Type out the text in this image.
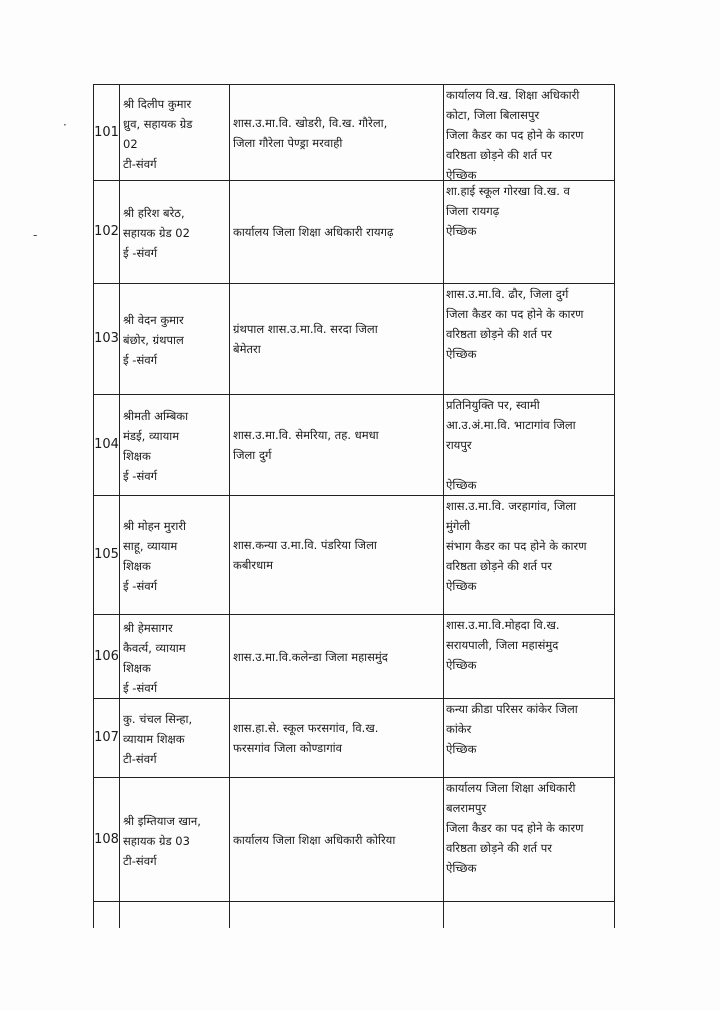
·
-
101
श्री दिलीप कुमार
ध्रुव, सहायक ग्रेड
02
टी-संवर्ग
शास.उ.मा.वि. खोडरी, वि.ख. गौरेला,
जिला गौरेला पेण्ड्रा मरवाही
कार्यालय वि.ख. शिक्षा अधिकारी
कोटा, जिला बिलासपुर
जिला कैडर का पद होने के कारण
वरिष्ठता छोड़ने की शर्त पर
ऐच्छिक
102
श्री हरिश बरेठ,
सहायक ग्रेड 02
ई -संवर्ग
कार्यालय जिला शिक्षा अधिकारी रायगढ़
शा.हाई स्कूल गोरखा वि.ख. व
जिला रायगढ़
ऐच्छिक
103
श्री वेदन कुमार
बंछोर, ग्रंथपाल
ई -संवर्ग
ग्रंथपाल शास.उ.मा.वि. सरदा जिला
बेमेतरा
शास.उ.मा.वि. ढौर, जिला दुर्ग
जिला कैडर का पद होने के कारण
वरिष्ठता छोड़ने की शर्त पर
ऐच्छिक
104
श्रीमती अम्बिका
मंडई, व्यायाम
शिक्षक
ई -संवर्ग
शास.उ.मा.वि. सेमरिया, तह. धमधा
जिला दुर्ग
प्रतिनियुक्ति पर, स्वामी
आ.उ.अं.मा.वि. भाटागांव जिला
रायपुर

ऐच्छिक
105
श्री मोहन मुरारी
साहू, व्यायाम
शिक्षक
ई -संवर्ग
शास.कन्या उ.मा.वि. पंडरिया जिला
कबीरधाम
शास.उ.मा.वि. जरहागांव, जिला
मुंगेली
संभाग कैडर का पद होने के कारण
वरिष्ठता छोड़ने की शर्त पर
ऐच्छिक
106
श्री हेमसागर
कैवर्त्य, व्यायाम
शिक्षक
ई -संवर्ग
शास.उ.मा.वि.कलेन्डा जिला महासमुंद
शास.उ.मा.वि.मोहदा वि.ख.
सरायपाली, जिला महासंमुद
ऐच्छिक
107
कु. चंचल सिन्हा,
व्यायाम शिक्षक
टी-संवर्ग
शास.हा.से. स्कूल फरसगांव, वि.ख.
फरसगांव जिला कोण्डागांव
कन्या क्रीडा परिसर कांकेर जिला
कांकेर
ऐच्छिक
108
श्री इम्तियाज खान,
सहायक ग्रेड 03
टी-संवर्ग
कार्यालय जिला शिक्षा अधिकारी कोरिया
कार्यालय जिला शिक्षा अधिकारी
बलरामपुर
जिला कैडर का पद होने के कारण
वरिष्ठता छोड़ने की शर्त पर
ऐच्छिक
